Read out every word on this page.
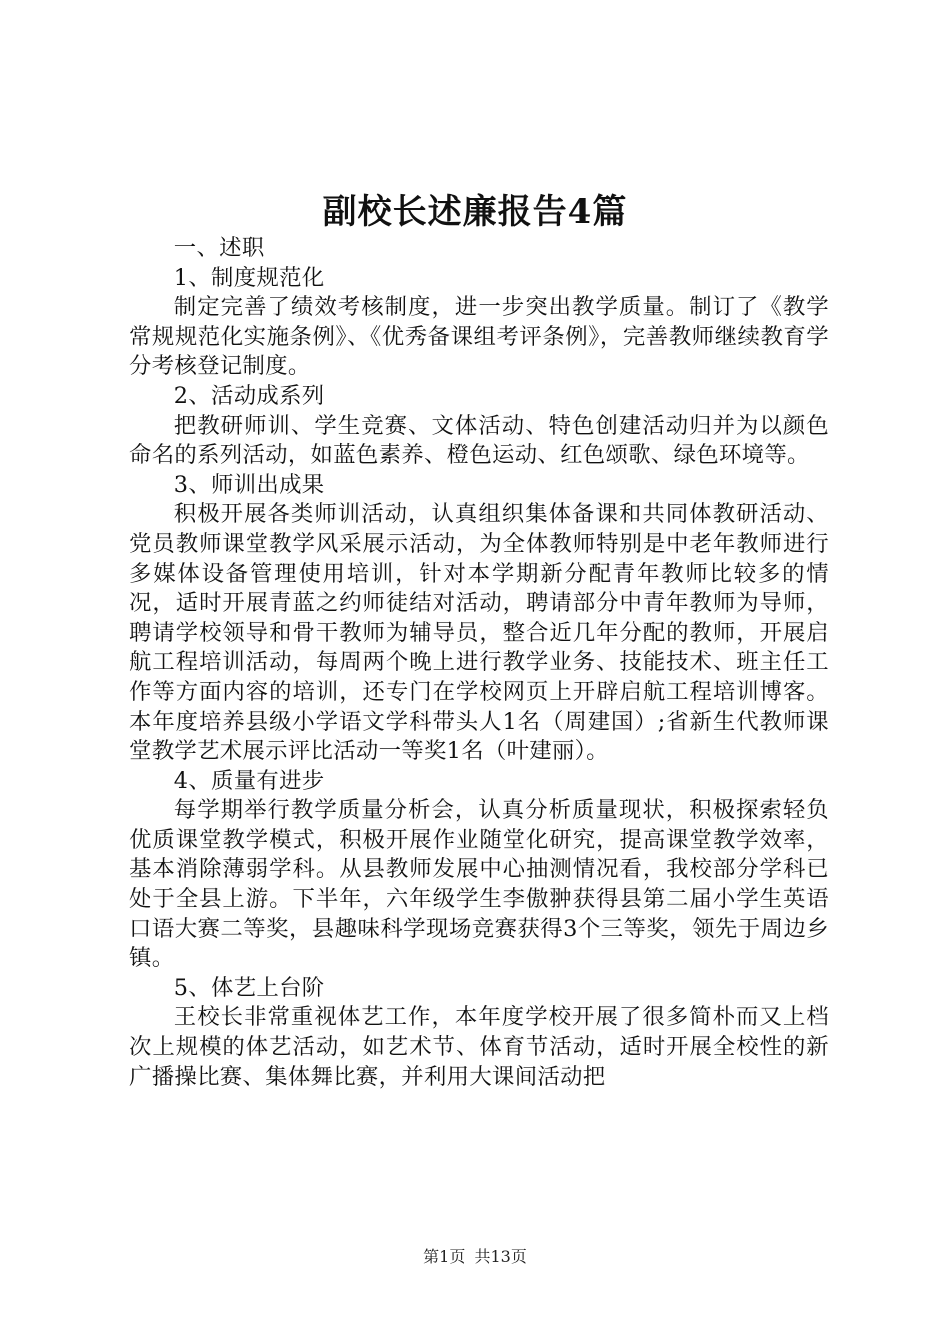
副校长述廉报告4篇

一、述职

1、制度规范化

制定完善了绩效考核制度，进一步突出教学质量。制订了《教学常规规范化实施条例》、《优秀备课组考评条例》，完善教师继续教育学分考核登记制度。

2、活动成系列

把教研师训、学生竞赛、文体活动、特色创建活动归并为以颜色命名的系列活动，如蓝色素养、橙色运动、红色颂歌、绿色环境等。

3、师训出成果

积极开展各类师训活动，认真组织集体备课和共同体教研活动、党员教师课堂教学风采展示活动，为全体教师特别是中老年教师进行多媒体设备管理使用培训，针对本学期新分配青年教师比较多的情况，适时开展青蓝之约师徒结对活动，聘请部分中青年教师为导师，聘请学校领导和骨干教师为辅导员，整合近几年分配的教师，开展启航工程培训活动，每周两个晚上进行教学业务、技能技术、班主任工作等方面内容的培训，还专门在学校网页上开辟启航工程培训博客。本年度培养县级小学语文学科带头人1名（周建国）;省新生代教师课堂教学艺术展示评比活动一等奖1名（叶建丽）。

4、质量有进步

每学期举行教学质量分析会，认真分析质量现状，积极探索轻负优质课堂教学模式，积极开展作业随堂化研究，提高课堂教学效率，基本消除薄弱学科。从县教师发展中心抽测情况看，我校部分学科已处于全县上游。下半年，六年级学生李傲翀获得县第二届小学生英语口语大赛二等奖，县趣味科学现场竞赛获得3个三等奖，领先于周边乡镇。

5、体艺上台阶

王校长非常重视体艺工作，本年度学校开展了很多简朴而又上档次上规模的体艺活动，如艺术节、体育节活动，适时开展全校性的新广播操比赛、集体舞比赛，并利用大课间活动把

第1页 共13页
